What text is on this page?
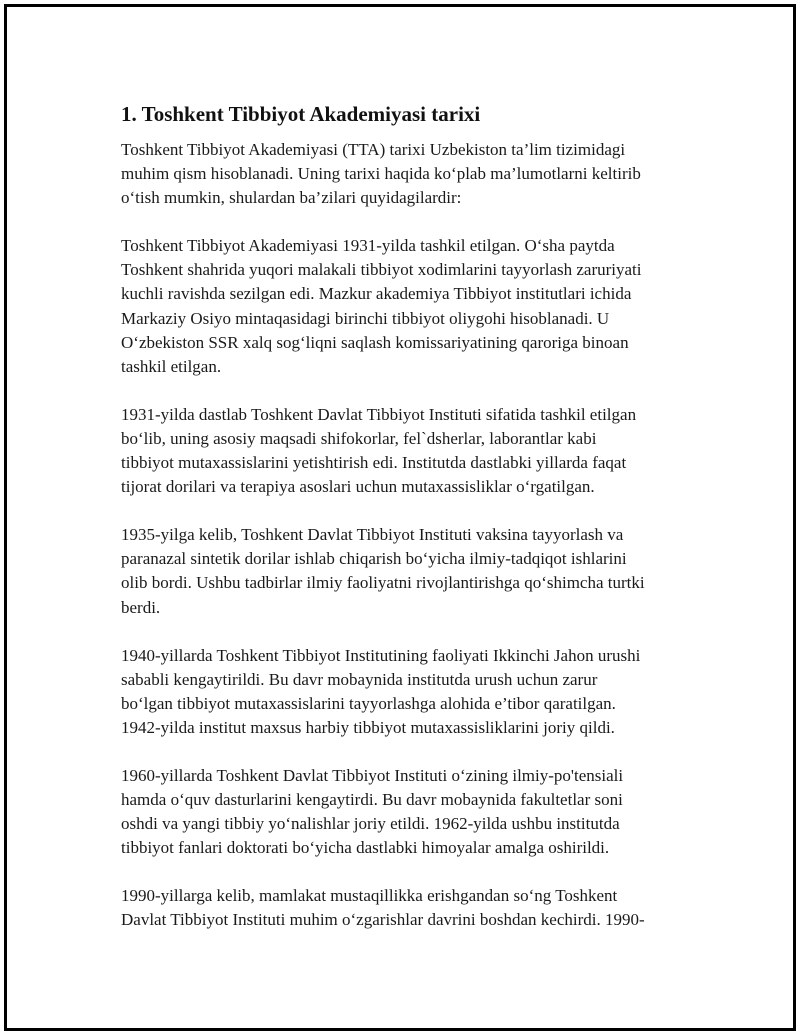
1. Toshkent Tibbiyot Akademiyasi tarixi

Toshkent Tibbiyot Akademiyasi (TTA) tarixi Uzbekiston ta’lim tizimidagi
muhim qism hisoblanadi. Uning tarixi haqida ko‘plab ma’lumotlarni keltirib
o‘tish mumkin, shulardan ba’zilari quyidagilardir:

Toshkent Tibbiyot Akademiyasi 1931-yilda tashkil etilgan. O‘sha paytda
Toshkent shahrida yuqori malakali tibbiyot xodimlarini tayyorlash zaruriyati
kuchli ravishda sezilgan edi. Mazkur akademiya Tibbiyot institutlari ichida
Markaziy Osiyo mintaqasidagi birinchi tibbiyot oliygohi hisoblanadi. U
O‘zbekiston SSR xalq sog‘liqni saqlash komissariyatining qaroriga binoan
tashkil etilgan.

1931-yilda dastlab Toshkent Davlat Tibbiyot Instituti sifatida tashkil etilgan
bo‘lib, uning asosiy maqsadi shifokorlar, fel`dsherlar, laborantlar kabi
tibbiyot mutaxassislarini yetishtirish edi. Institutda dastlabki yillarda faqat
tijorat dorilari va terapiya asoslari uchun mutaxassisliklar o‘rgatilgan.

1935-yilga kelib, Toshkent Davlat Tibbiyot Instituti vaksina tayyorlash va
paranazal sintetik dorilar ishlab chiqarish bo‘yicha ilmiy-tadqiqot ishlarini
olib bordi. Ushbu tadbirlar ilmiy faoliyatni rivojlantirishga qo‘shimcha turtki
berdi.

1940-yillarda Toshkent Tibbiyot Institutining faoliyati Ikkinchi Jahon urushi
sababli kengaytirildi. Bu davr mobaynida institutda urush uchun zarur
bo‘lgan tibbiyot mutaxassislarini tayyorlashga alohida e’tibor qaratilgan.
1942-yilda institut maxsus harbiy tibbiyot mutaxassisliklarini joriy qildi.

1960-yillarda Toshkent Davlat Tibbiyot Instituti o‘zining ilmiy-po'tensiali
hamda o‘quv dasturlarini kengaytirdi. Bu davr mobaynida fakultetlar soni
oshdi va yangi tibbiy yo‘nalishlar joriy etildi. 1962-yilda ushbu institutda
tibbiyot fanlari doktorati bo‘yicha dastlabki himoyalar amalga oshirildi.

1990-yillarga kelib, mamlakat mustaqillikka erishgandan so‘ng Toshkent
Davlat Tibbiyot Instituti muhim o‘zgarishlar davrini boshdan kechirdi. 1990-
